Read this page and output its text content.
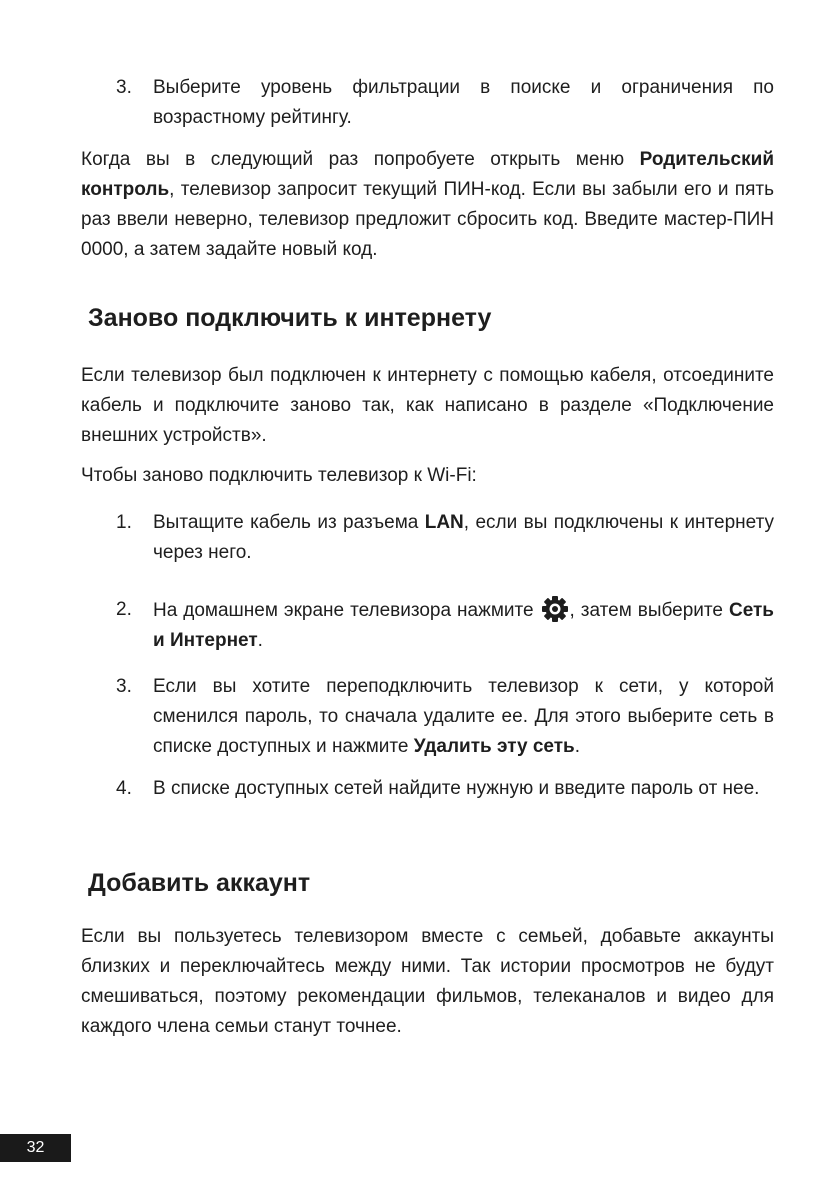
3. Выберите уровень фильтрации в поиске и ограничения по возрастному рейтингу.

Когда вы в следующий раз попробуете открыть меню Родительский контроль, телевизор запросит текущий ПИН-код. Если вы забыли его и пять раз ввели неверно, телевизор предложит сбросить код. Введите мастер-ПИН 0000, а затем задайте новый код.

Заново подключить к интернету

Если телевизор был подключен к интернету с помощью кабеля, отсоедините кабель и подключите заново так, как написано в разделе «Подключение внешних устройств».

Чтобы заново подключить телевизор к Wi-Fi:

1. Вытащите кабель из разъема LAN, если вы подключены к интернету через него.
2. На домашнем экране телевизора нажмите
, затем выберите Сеть и Интернет.
3. Если вы хотите переподключить телевизор к сети, у которой сменился пароль, то сначала удалите ее. Для этого выберите сеть в списке доступных и нажмите Удалить эту сеть.
4. В списке доступных сетей найдите нужную и введите пароль от нее.
Добавить аккаунт

Если вы пользуетесь телевизором вместе с семьей, добавьте аккаунты близких и переключайтесь между ними. Так истории просмотров не будут смешиваться, поэтому рекомендации фильмов, телеканалов и видео для каждого члена семьи станут точнее.

32
